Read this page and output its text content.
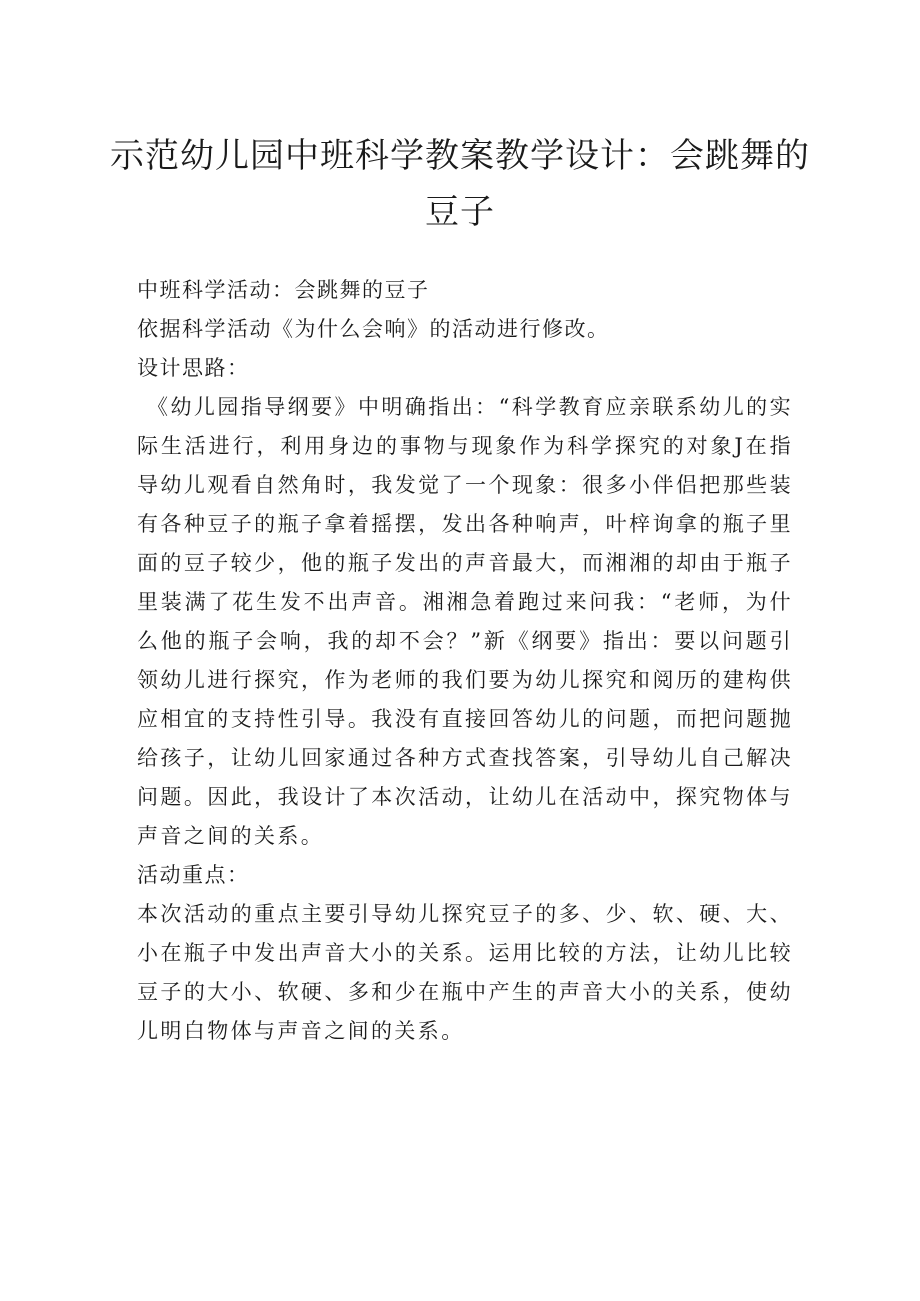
示范幼儿园中班科学教案教学设计：会跳舞的豆子

中班科学活动：会跳舞的豆子

依据科学活动《为什么会响》的活动进行修改。

设计思路：

《幼儿园指导纲要》中明确指出：“科学教育应亲联系幼儿的实际生活进行，利用身边的事物与现象作为科学探究的对象J在指导幼儿观看自然角时，我发觉了一个现象：很多小伴侣把那些装有各种豆子的瓶子拿着摇摆，发出各种响声，叶梓询拿的瓶子里面的豆子较少，他的瓶子发出的声音最大，而湘湘的却由于瓶子里装满了花生发不出声音。湘湘急着跑过来问我：“老师，为什么他的瓶子会响，我的却不会？”新《纲要》指出：要以问题引领幼儿进行探究，作为老师的我们要为幼儿探究和阅历的建构供应相宜的支持性引导。我没有直接回答幼儿的问题，而把问题抛给孩子，让幼儿回家通过各种方式查找答案，引导幼儿自己解决问题。因此，我设计了本次活动，让幼儿在活动中，探究物体与声音之间的关系。

活动重点：

本次活动的重点主要引导幼儿探究豆子的多、少、软、硬、大、小在瓶子中发出声音大小的关系。运用比较的方法，让幼儿比较豆子的大小、软硬、多和少在瓶中产生的声音大小的关系，使幼儿明白物体与声音之间的关系。
